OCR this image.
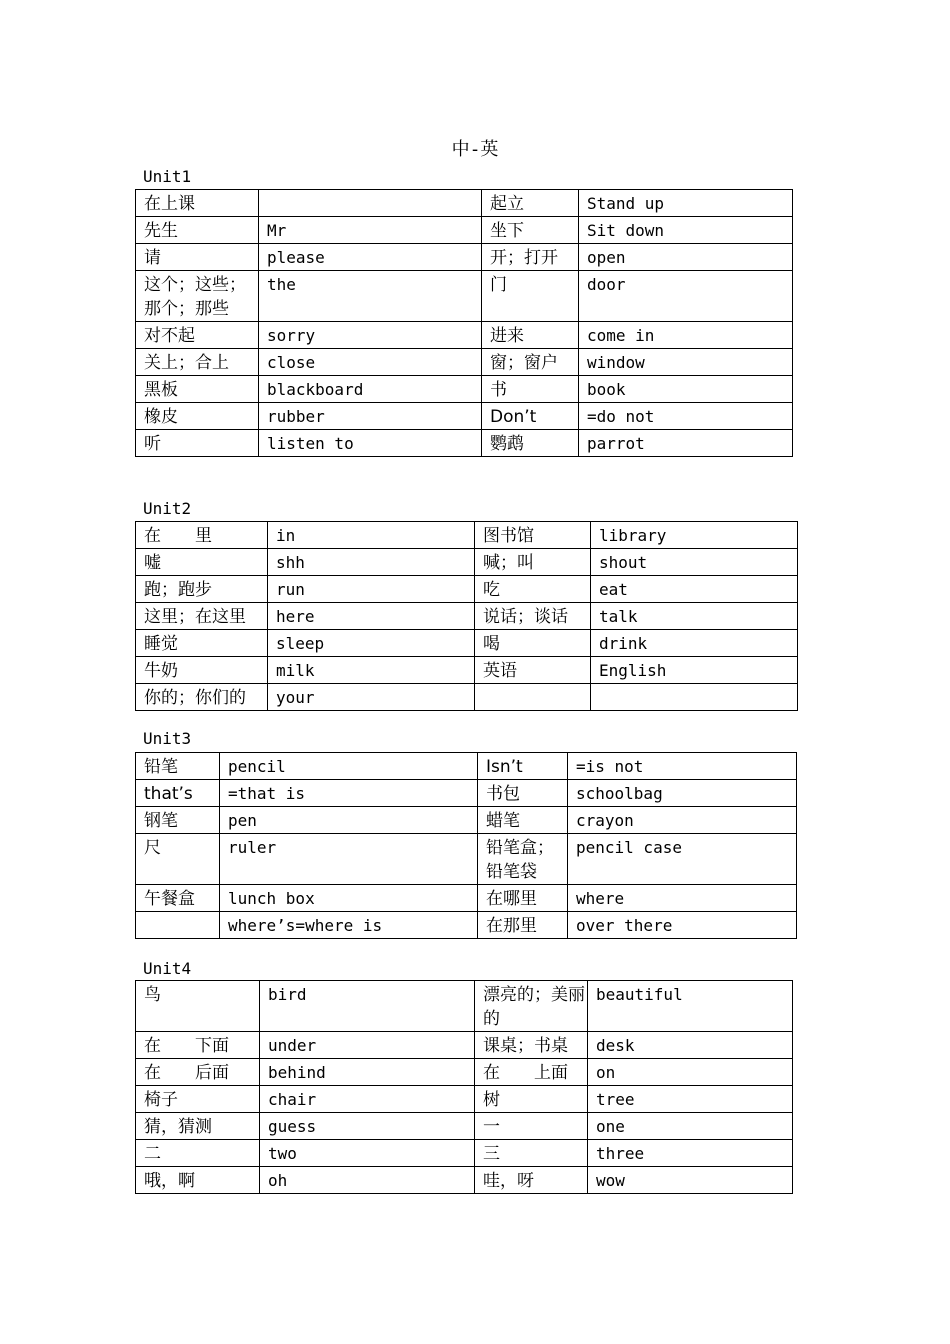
中-英
Unit1
在上课		起立	Stand up
先生	Mr	坐下	Sit down
请	please	开；打开	open
这个；这些；那个；那些	the	门	door
对不起	sorry	进来	come in
关上；合上	close	窗；窗户	window
黑板	blackboard	书	book
橡皮	rubber	Don’t	=do not
听	listen to	鹦鹉	parrot
Unit2
在　　里	in	图书馆	library
嘘	shh	喊；叫	shout
跑；跑步	run	吃	eat
这里；在这里	here	说话；谈话	talk
睡觉	sleep	喝	drink
牛奶	milk	英语	English
你的；你们的	your		
Unit3
铅笔	pencil	Isn’t	=is not
that’s	=that is	书包	schoolbag
钢笔	pen	蜡笔	crayon
尺	ruler	铅笔盒；铅笔袋	pencil case
午餐盒	lunch box	在哪里	where
	where’s=where is	在那里	over there
Unit4
鸟	bird	漂亮的；美丽的	beautiful
在　　下面	under	课桌；书桌	desk
在　　后面	behind	在　　上面	on
椅子	chair	树	tree
猜，猜测	guess	一	one
二	two	三	three
哦，啊	oh	哇，呀	wow
